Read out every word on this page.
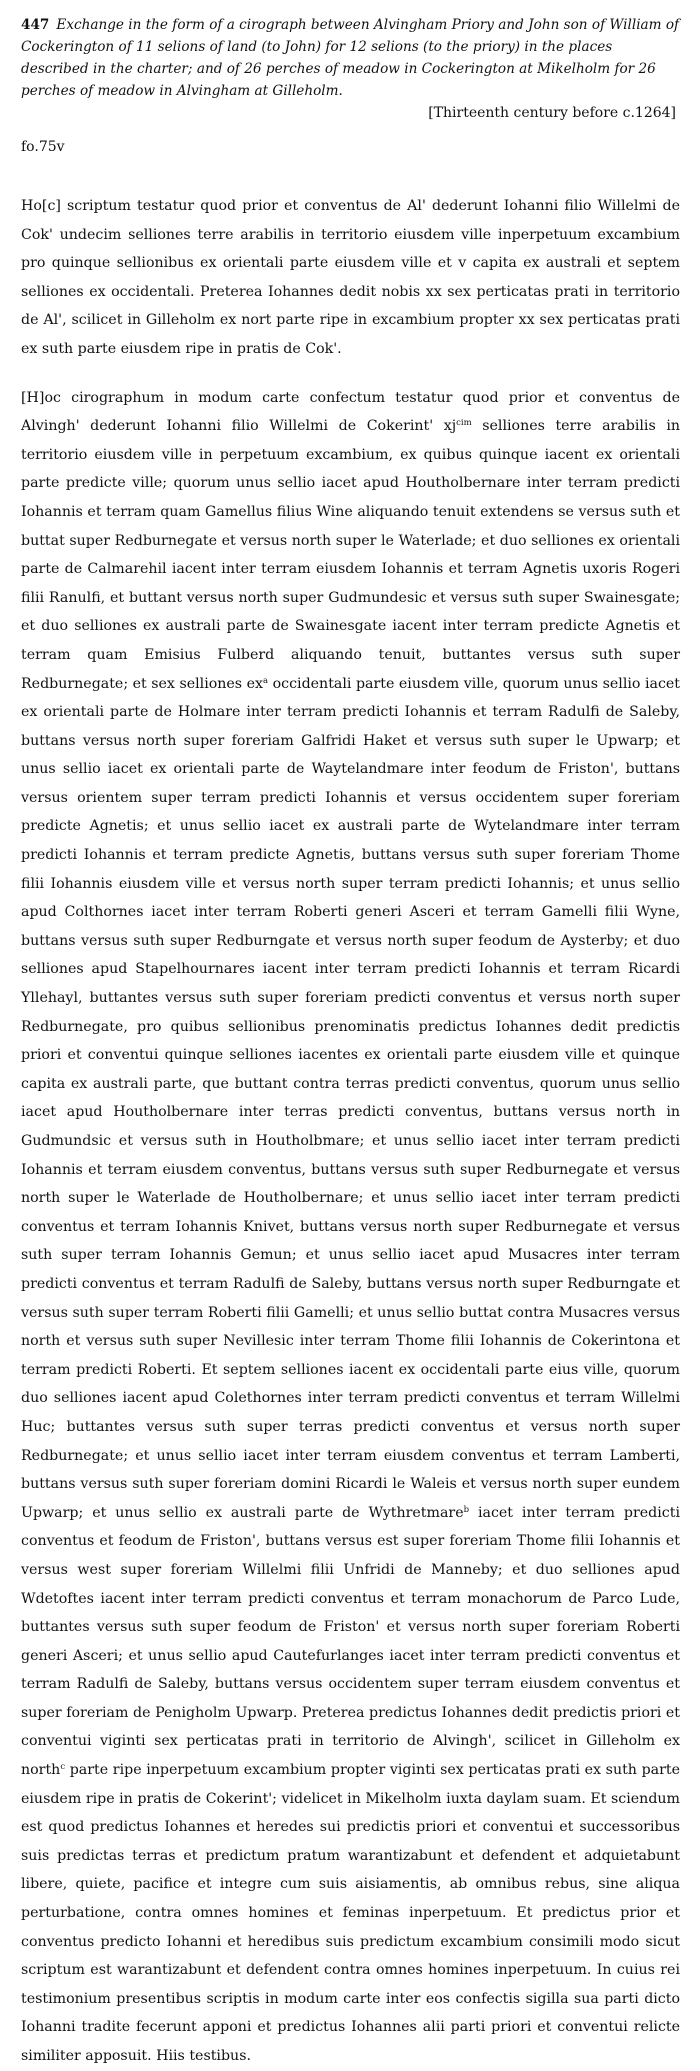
447 Exchange in the form of a cirograph between Alvingham Priory and John son of William of Cockerington of 11 selions of land (to John) for 12 selions (to the priory) in the places described in the charter; and of 26 perches of meadow in Cockerington at Mikelholm for 26 perches of meadow in Alvingham at Gilleholm.

[Thirteenth century before c.1264]

fo.75v

Ho[c] scriptum testatur quod prior et conventus de Al' dederunt Iohanni filio Willelmi de Cok' undecim selliones terre arabilis in territorio eiusdem ville inperpetuum excambium pro quinque sellionibus ex orientali parte eiusdem ville et v capita ex australi et septem selliones ex occidentali. Preterea Iohannes dedit nobis xx sex perticatas prati in territorio de Al', scilicet in Gilleholm ex nort parte ripe in excambium propter xx sex perticatas prati ex suth parte eiusdem ripe in pratis de Cok'.

[H]oc cirographum in modum carte confectum testatur quod prior et conventus de Alvingh' dederunt Iohanni filio Willelmi de Cokerint' $xj^{cim}$ selliones terre arabilis in territorio eiusdem ville in perpetuum excambium, ex quibus quinque iacent ex orientali parte predicte ville; quorum unus sellio iacet apud Houtholbernare inter terram predicti Iohannis et terram quam Gamellus filius Wine aliquando tenuit extendens se versus suth et buttat super Redburnegate et versus north super le Waterlade; et duo selliones ex orientali parte de Calmarehil iacent inter terram eiusdem Iohannis et terram Agnetis uxoris Rogeri filii Ranulfi, et buttant versus north super Gudmundesic et versus suth super Swainesgate; et duo selliones ex australi parte de Swainesgate iacent inter terram predicte Agnetis et terram quam Emisius Fulberd aliquando tenuit, buttantes versus suth super Redburnegate; et sex selliones $ex^a$ occidentali parte eiusdem ville, quorum unus sellio iacet ex orientali parte de Holmare inter terram predicti Iohannis et terram Radulfi de Saleby, buttans versus north super foreriam Galfridi Haket et versus suth super le Upwarp; et unus sellio iacet ex orientali parte de Waytelandmare inter feodum de Friston', buttans versus orientem super terram predicti Iohannis et versus occidentem super foreriam predicte Agnetis; et unus sellio iacet ex australi parte de Wytelandmare inter terram predicti Iohannis et terram predicte Agnetis, buttans versus suth super foreriam Thome filii Iohannis eiusdem ville et versus north super terram predicti Iohannis; et unus sellio apud Colthornes iacet inter terram Roberti generi Asceri et terram Gamelli filii Wyne, buttans versus suth super Redburngate et versus north super feodum de Aysterby; et duo selliones apud Stapelhournares iacent inter terram predicti Iohannis et terram Ricardi Yllehayl, buttantes versus suth super foreriam predicti conventus et versus north super Redburnegate, pro quibus sellionibus prenominatis predictus Iohannes dedit predictis priori et conventui quinque selliones iacentes ex orientali parte eiusdem ville et quinque capita ex australi parte, que buttant contra terras predicti conventus, quorum unus sellio iacet apud Houtholbernare inter terras predicti conventus, buttans versus north in Gudmundsic et versus suth in Houtholbmare; et unus sellio iacet inter terram predicti Iohannis et terram eiusdem conventus, buttans versus suth super Redburnegate et versus north super le Waterlade de Houtholbernare; et unus sellio iacet inter terram predicti conventus et terram Iohannis Knivet, buttans versus north super Redburnegate et versus suth super terram Iohannis Gemun; et unus sellio iacet apud Musacres inter terram predicti conventus et terram Radulfi de Saleby, buttans versus north super Redburngate et versus suth super terram Roberti filii Gamelli; et unus sellio buttat contra Musacres versus north et versus suth super Nevillesic inter terram Thome filii Iohannis de Cokerintona et terram predicti Roberti. Et septem selliones iacent ex occidentali parte eius ville, quorum duo selliones iacent apud Colethornes inter terram predicti conventus et terram Willelmi Huc; buttantes versus suth super terras predicti conventus et versus north super Redburnegate; et unus sellio iacet inter terram eiusdem conventus et terram Lamberti, buttans versus suth super foreriam domini Ricardi le Waleis et versus north super eundem Upwarp; et unus sellio ex australi parte de Wythretmare$^b$ iacet inter terram predicti conventus et feodum de Friston', buttans versus est super foreriam Thome filii Iohannis et versus west super foreriam Willelmi filii Unfridi de Manneby; et duo selliones apud Wdetoftes iacent inter terram predicti conventus et terram monachorum de Parco Lude, buttantes versus suth super feodum de Friston' et versus north super foreriam Roberti generi Asceri; et unus sellio apud Cautefurlanges iacet inter terram predicti conventus et terram Radulfi de Saleby, buttans versus occidentem super terram eiusdem conventus et super foreriam de Penigholm Upwarp. Preterea predictus Iohannes dedit predictis priori et conventui viginti sex perticatas prati in territorio de Alvingh', scilicet in Gilleholm ex north$^c$ parte ripe inperpetuum excambium propter viginti sex perticatas prati ex suth parte eiusdem ripe in pratis de Cokerint'; videlicet in Mikelholm iuxta daylam suam. Et sciendum est quod predictus Iohannes et heredes sui predictis priori et conventui et successoribus suis predictas terras et predictum pratum warantizabunt et defendent et adquietabunt libere, quiete, pacifice et integre cum suis aisiamentis, ab omnibus rebus, sine aliqua perturbatione, contra omnes homines et feminas inperpetuum. Et predictus prior et conventus predicto Iohanni et heredibus suis predictum excambium consimili modo sicut scriptum est warantizabunt et defendent contra omnes homines inperpetuum. In cuius rei testimonium presentibus scriptis in modum carte inter eos confectis sigilla sua parti dicto Iohanni tradite fecerunt apponi et predictus Iohannes alii parti priori et conventui relicte similiter apposuit. Hiis testibus.
